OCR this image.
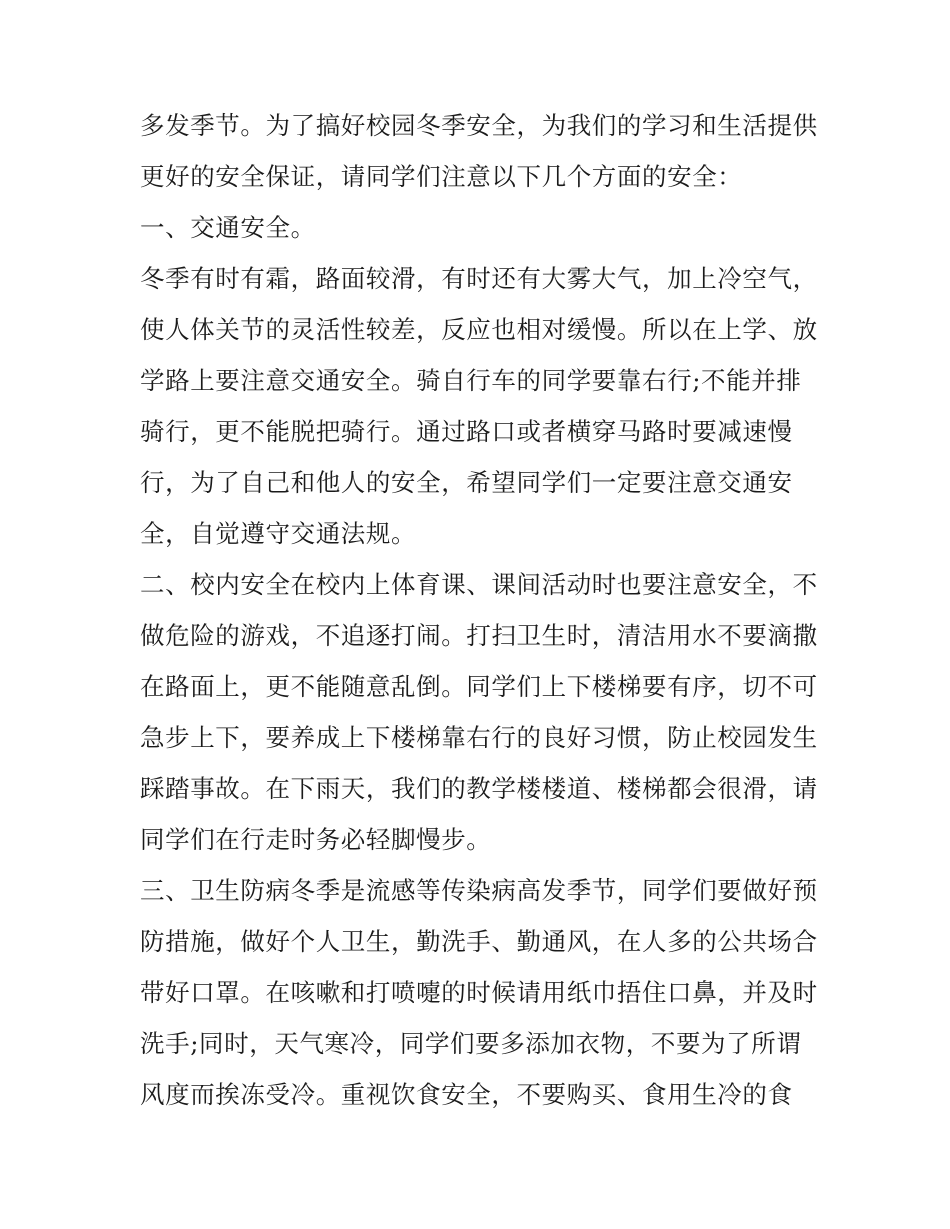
多发季节。为了搞好校园冬季安全，为我们的学习和生活提供
更好的安全保证，请同学们注意以下几个方面的安全：
一、交通安全。
冬季有时有霜，路面较滑，有时还有大雾大气，加上冷空气，
使人体关节的灵活性较差，反应也相对缓慢。所以在上学、放
学路上要注意交通安全。骑自行车的同学要靠右行;不能并排
骑行，更不能脱把骑行。通过路口或者横穿马路时要减速慢
行，为了自己和他人的安全，希望同学们一定要注意交通安
全，自觉遵守交通法规。
二、校内安全在校内上体育课、课间活动时也要注意安全，不
做危险的游戏，不追逐打闹。打扫卫生时，清洁用水不要滴撒
在路面上，更不能随意乱倒。同学们上下楼梯要有序，切不可
急步上下，要养成上下楼梯靠右行的良好习惯，防止校园发生
踩踏事故。在下雨天，我们的教学楼楼道、楼梯都会很滑，请
同学们在行走时务必轻脚慢步。
三、卫生防病冬季是流感等传染病高发季节，同学们要做好预
防措施，做好个人卫生，勤洗手、勤通风，在人多的公共场合
带好口罩。在咳嗽和打喷嚏的时候请用纸巾捂住口鼻，并及时
洗手;同时，天气寒冷，同学们要多添加衣物，不要为了所谓
风度而挨冻受冷。重视饮食安全，不要购买、食用生冷的食
